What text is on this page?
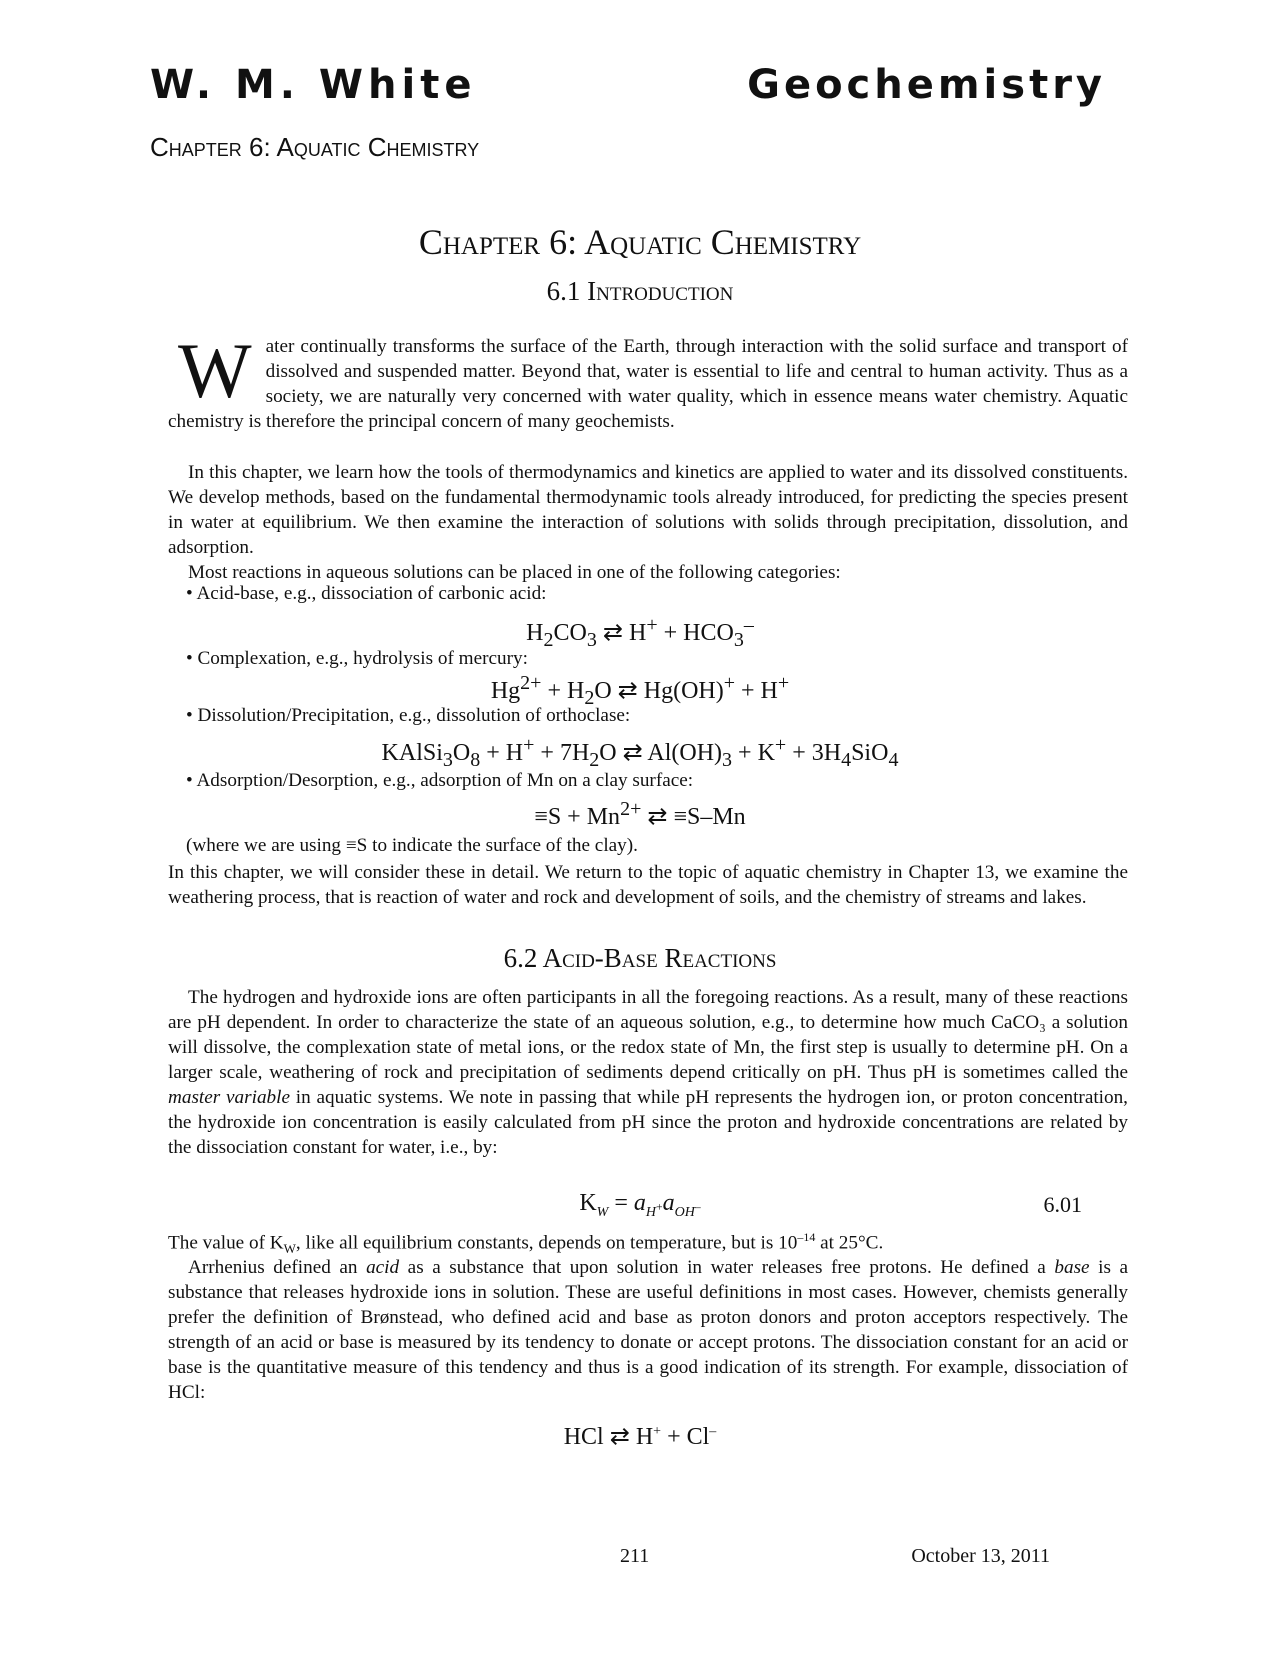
W. M. White	Geochemistry
Chapter 6: Aquatic Chemistry
Chapter 6: Aquatic Chemistry
6.1 Introduction
Water continually transforms the surface of the Earth, through interaction with the solid surface and transport of dissolved and suspended matter. Beyond that, water is essential to life and central to human activity. Thus as a society, we are naturally very concerned with water quality, which in essence means water chemistry. Aquatic chemistry is therefore the principal concern of many geochemists.

In this chapter, we learn how the tools of thermodynamics and kinetics are applied to water and its dissolved constituents. We develop methods, based on the fundamental thermodynamic tools already introduced, for predicting the species present in water at equilibrium. We then examine the interaction of solutions with solids through precipitation, dissolution, and adsorption.

Most reactions in aqueous solutions can be placed in one of the following categories:

• Acid-base, e.g., dissociation of carbonic acid:
$H_2CO_3$ ⇄ $H^+ + HCO_3^-$
• Complexation, e.g., hydrolysis of mercury:
$Hg^{2+} + H_2O$ ⇄ Hg(OH)+ + H+
• Dissolution/Precipitation, e.g., dissolution of orthoclase:
$KAlSi_3O_8 + H^+ + 7H_2O$ ⇄ $Al(OH)_3 + K^+ + 3H_4SiO_4$
• Adsorption/Desorption, e.g., adsorption of Mn on a clay surface:
$\equiv S + Mn^{2+}$ ⇄ ≡S–Mn
(where we are using ≡S to indicate the surface of the clay).
In this chapter, we will consider these in detail. We return to the topic of aquatic chemistry in Chapter 13, we examine the weathering process, that is reaction of water and rock and development of soils, and the chemistry of streams and lakes.
6.2 Acid-Base Reactions

The hydrogen and hydroxide ions are often participants in all the foregoing reactions. As a result, many of these reactions are pH dependent. In order to characterize the state of an aqueous solution, e.g., to determine how much CaCO₃ a solution will dissolve, the complexation state of metal ions, or the redox state of Mn, the first step is usually to determine pH. On a larger scale, weathering of rock and precipitation of sediments depend critically on pH. Thus pH is sometimes called the master variable in aquatic systems. We note in passing that while pH represents the hydrogen ion, or proton concentration, the hydroxide ion concentration is easily calculated from pH since the proton and hydroxide concentrations are related by the dissociation constant for water, i.e., by:

$K_W = a_{H^+}a_{OH^-}$	6.01
The value of $K_W$, like all equilibrium constants, depends on temperature, but is $10^{-14}$ at 25°C.

Arrhenius defined an acid as a substance that upon solution in water releases free protons. He defined a base is a substance that releases hydroxide ions in solution. These are useful definitions in most cases. However, chemists generally prefer the definition of Brønstead, who defined acid and base as proton donors and proton acceptors respectively. The strength of an acid or base is measured by its tendency to donate or accept protons. The dissociation constant for an acid or base is the quantitative measure of this tendency and thus is a good indication of its strength. For example, dissociation of HCl:

HCl ⇄ H+ + Cl–
211	October 13, 2011
